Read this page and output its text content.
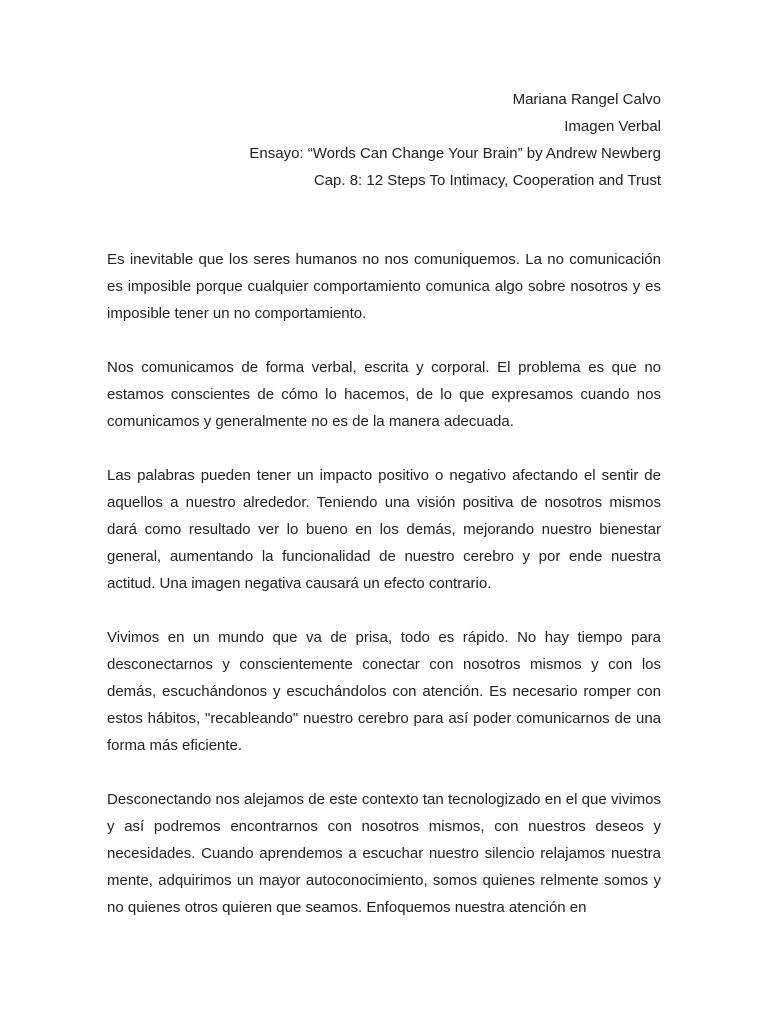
Mariana Rangel Calvo
Imagen Verbal
Ensayo: “Words Can Change Your Brain” by Andrew Newberg
Cap. 8: 12 Steps To Intimacy, Cooperation and Trust

Es inevitable que los seres humanos no nos comuniquemos. La no comunicación es imposible porque cualquier comportamiento comunica algo sobre nosotros y es imposible tener un no comportamiento.

Nos comunicamos de forma verbal, escrita y corporal. El problema es que no estamos conscientes de cómo lo hacemos, de lo que expresamos cuando nos comunicamos y generalmente no es de la manera adecuada.

Las palabras pueden tener un impacto positivo o negativo afectando el sentir de aquellos a nuestro alrededor. Teniendo una visión positiva de nosotros mismos dará como resultado ver lo bueno en los demás, mejorando nuestro bienestar general, aumentando la funcionalidad de nuestro cerebro y por ende nuestra actitud. Una imagen negativa causará un efecto contrario.

Vivimos en un mundo que va de prisa, todo es rápido. No hay tiempo para desconectarnos y conscientemente conectar con nosotros mismos y con los demás, escuchándonos y escuchándolos con atención. Es necesario romper con estos hábitos, "recableando" nuestro cerebro para así poder comunicarnos de una forma más eficiente.

Desconectando nos alejamos de este contexto tan tecnologizado en el que vivimos y así podremos encontrarnos con nosotros mismos, con nuestros deseos y necesidades. Cuando aprendemos a escuchar nuestro silencio relajamos nuestra mente, adquirimos un mayor autoconocimiento, somos quienes relmente somos y no quienes otros quieren que seamos. Enfoquemos nuestra atención en
